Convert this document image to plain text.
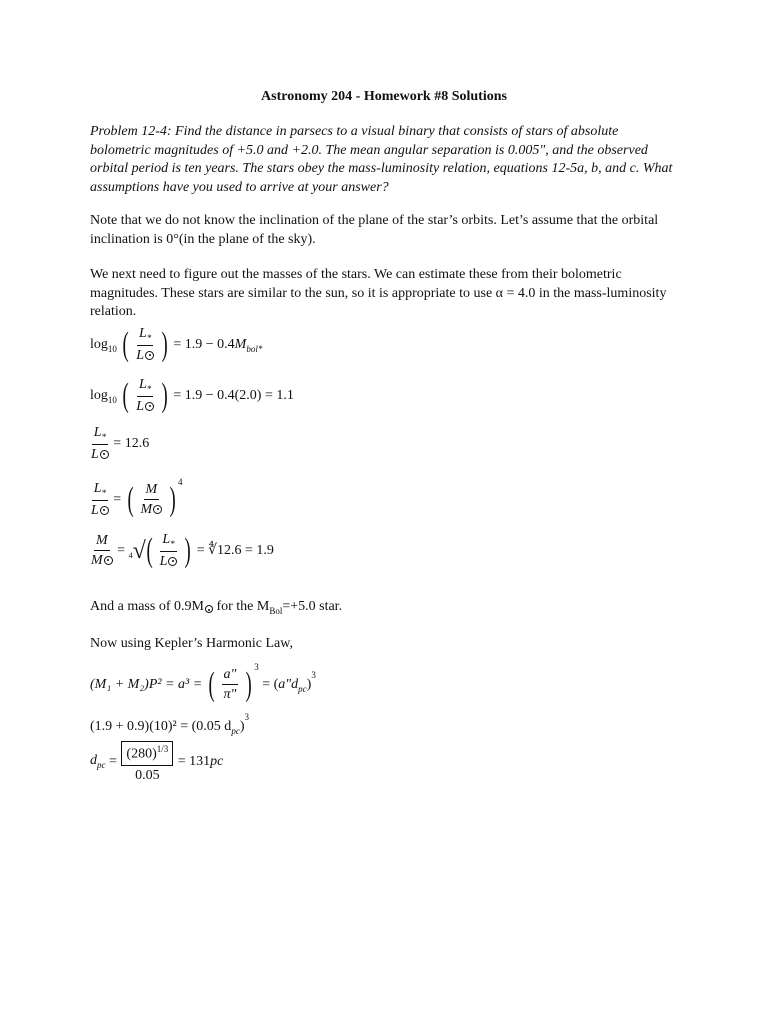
Astronomy 204 - Homework #8 Solutions
Problem 12-4: Find the distance in parsecs to a visual binary that consists of stars of absolute bolometric magnitudes of +5.0 and +2.0. The mean angular separation is 0.005", and the observed orbital period is ten years. The stars obey the mass-luminosity relation, equations 12-5a, b, and c. What assumptions have you used to arrive at your answer?
Note that we do not know the inclination of the plane of the star’s orbits. Let’s assume that the orbital inclination is 0°(in the plane of the sky).
We next need to figure out the masses of the stars. We can estimate these from their bolometric magnitudes. These stars are similar to the sun, so it is appropriate to use α = 4.0 in the mass-luminosity relation.
$\log_{10}$ ( $\frac{L_*}{L}$ ) = $1.9 - 0.4M_{bol*}$
$\log_{10}$ ( $\frac{L_*}{L}$ ) = 1.9 − 0.4(2.0) = 1.1
$\frac{L_*}{L} = 12.6$
$\frac{L_*}{L}$ = ( $\frac{M}{M}$ ) $^4$
$\frac{M}{M} = ^4√( \frac{L_*}{L}$ ) = ∜12.6 = 1.9
And a mass of 0.9M for the $M_{Bol}=+5.0$ star.
Now using Kepler’s Harmonic Law,
(M₁ + M₂)P² = a³ = ( $\frac{a"}{\pi"}$ ) $^3 = (a"d_{pc})^3$
(1.9 + 0.9)(10)² = (0.05 $d_{pc})^3$
$d_{pc} = \frac{(280)^{1/3}}{0.05} = 131pc$
